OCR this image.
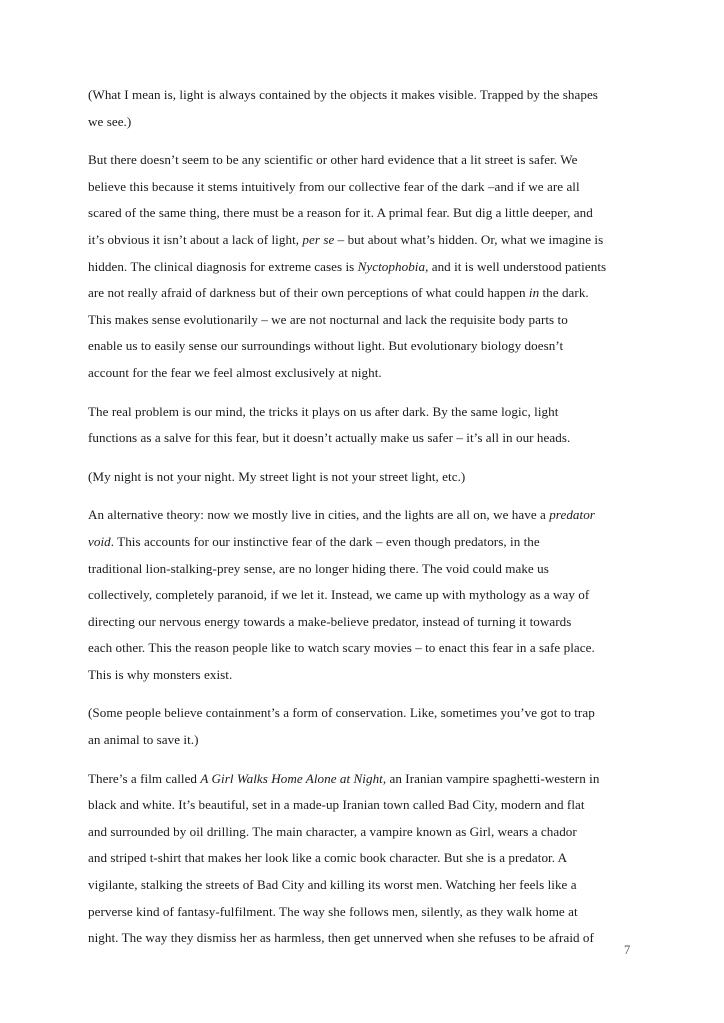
(What I mean is, light is always contained by the objects it makes visible. Trapped by the shapes
we see.)
But there doesn’t seem to be any scientific or other hard evidence that a lit street is safer. We
believe this because it stems intuitively from our collective fear of the dark –and if we are all
scared of the same thing, there must be a reason for it. A primal fear. But dig a little deeper, and
it’s obvious it isn’t about a lack of light, per se – but about what’s hidden. Or, what we imagine is
hidden. The clinical diagnosis for extreme cases is Nyctophobia, and it is well understood patients
are not really afraid of darkness but of their own perceptions of what could happen in the dark.
This makes sense evolutionarily – we are not nocturnal and lack the requisite body parts to
enable us to easily sense our surroundings without light. But evolutionary biology doesn’t
account for the fear we feel almost exclusively at night.
The real problem is our mind, the tricks it plays on us after dark. By the same logic, light
functions as a salve for this fear, but it doesn’t actually make us safer – it’s all in our heads.
(My night is not your night. My street light is not your street light, etc.)
An alternative theory: now we mostly live in cities, and the lights are all on, we have a predator
void. This accounts for our instinctive fear of the dark – even though predators, in the
traditional lion-stalking-prey sense, are no longer hiding there. The void could make us
collectively, completely paranoid, if we let it. Instead, we came up with mythology as a way of
directing our nervous energy towards a make-believe predator, instead of turning it towards
each other. This the reason people like to watch scary movies – to enact this fear in a safe place.
This is why monsters exist.
(Some people believe containment’s a form of conservation. Like, sometimes you’ve got to trap
an animal to save it.)
There’s a film called A Girl Walks Home Alone at Night, an Iranian vampire spaghetti-western in
black and white. It’s beautiful, set in a made-up Iranian town called Bad City, modern and flat
and surrounded by oil drilling. The main character, a vampire known as Girl, wears a chador
and striped t-shirt that makes her look like a comic book character. But she is a predator. A
vigilante, stalking the streets of Bad City and killing its worst men. Watching her feels like a
perverse kind of fantasy-fulfilment. The way she follows men, silently, as they walk home at
night. The way they dismiss her as harmless, then get unnerved when she refuses to be afraid of
7
